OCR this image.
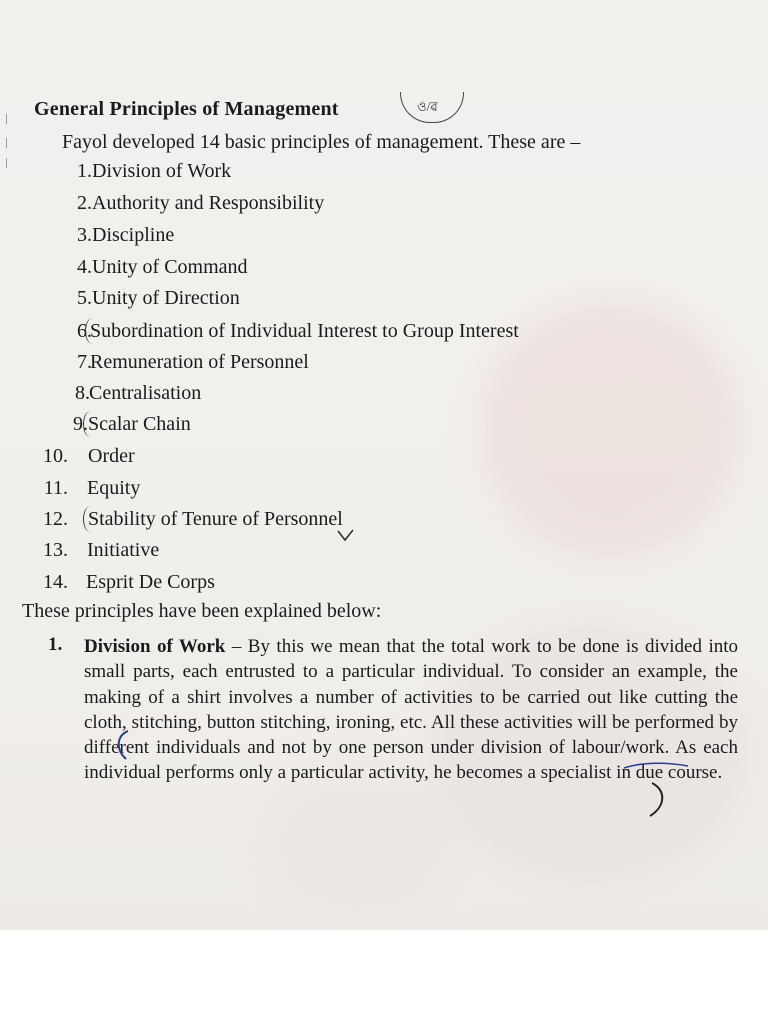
General Principles of Management	ও/ৱ
Fayol developed 14 basic principles of management. These are –
1. Division of Work
2. Authority and Responsibility
3. Discipline
4. Unity of Command
5. Unity of Direction
6.
Subordination of Individual Interest to Group Interest
7.
Remuneration of Personnel
8. Centralisation
9. Scalar Chain
10. Order
11. Equity
12. Stability of Tenure of Personnel
13. Initiative
14. Esprit De Corps
These principles have been explained below:
1. Division of Work – By this we mean that the total work to be done is divided into small parts, each entrusted to a particular individual. To consider an example, the making of a shirt involves a number of activities to be carried out like cutting the cloth, stitching, button stitching, ironing, etc. All these activities will be performed by different individuals and not by one person under division of labour/work. As each individual performs only a particular activity, he becomes a specialist in due course.
